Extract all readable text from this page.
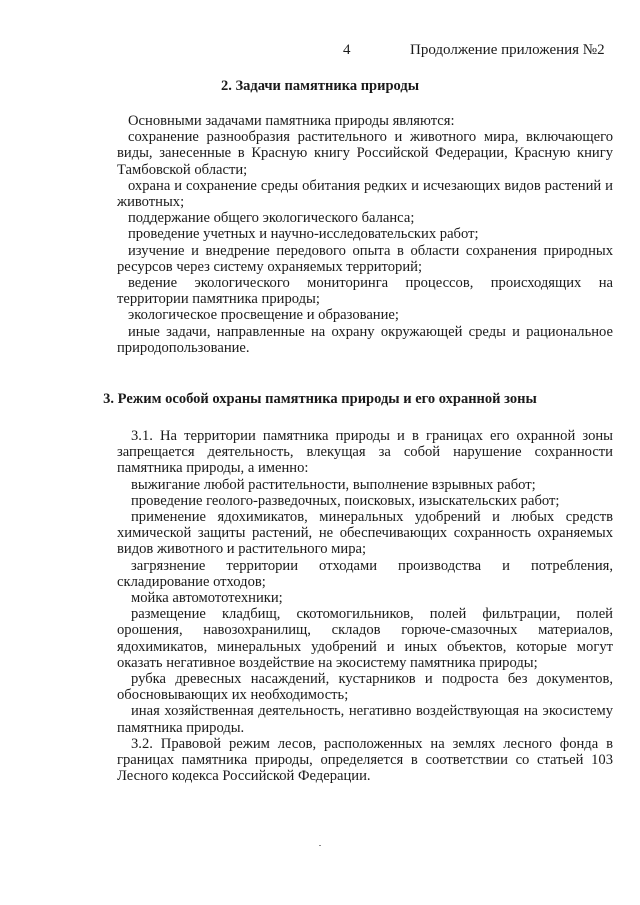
4	Продолжение приложения №2
2. Задачи памятника природы

Основными задачами памятника природы являются:

сохранение разнообразия растительного и животного мира, включающего виды, занесенные в Красную книгу Российской Федерации, Красную книгу Тамбовской области;

охрана и сохранение среды обитания редких и исчезающих видов растений и животных;

поддержание общего экологического баланса;

проведение учетных и научно-исследовательских работ;

изучение и внедрение передового опыта в области сохранения природных ресурсов через систему охраняемых территорий;

ведение экологического мониторинга процессов, происходящих на территории памятника природы;

экологическое просвещение и образование;

иные задачи, направленные на охрану окружающей среды и рациональное природопользование.

3. Режим особой охраны памятника природы и его охранной зоны

3.1. На территории памятника природы и в границах его охранной зоны запрещается деятельность, влекущая за собой нарушение сохранности памятника природы, а именно:

выжигание любой растительности, выполнение взрывных работ;

проведение геолого-разведочных, поисковых, изыскательских работ;

применение ядохимикатов, минеральных удобрений и любых средств химической защиты растений, не обеспечивающих сохранность охраняемых видов животного и растительного мира;

загрязнение территории отходами производства и потребления, складирование отходов;

мойка автомототехники;

размещение кладбищ, скотомогильников, полей фильтрации, полей орошения, навозохранилищ, складов горюче-смазочных материалов, ядохимикатов, минеральных удобрений и иных объектов, которые могут оказать негативное воздействие на экосистему памятника природы;

рубка древесных насаждений, кустарников и подроста без документов, обосновывающих их необходимость;

иная хозяйственная деятельность, негативно воздействующая на экосистему памятника природы.

3.2. Правовой режим лесов, расположенных на землях лесного фонда в границах памятника природы, определяется в соответствии со статьей 103 Лесного кодекса Российской Федерации.
